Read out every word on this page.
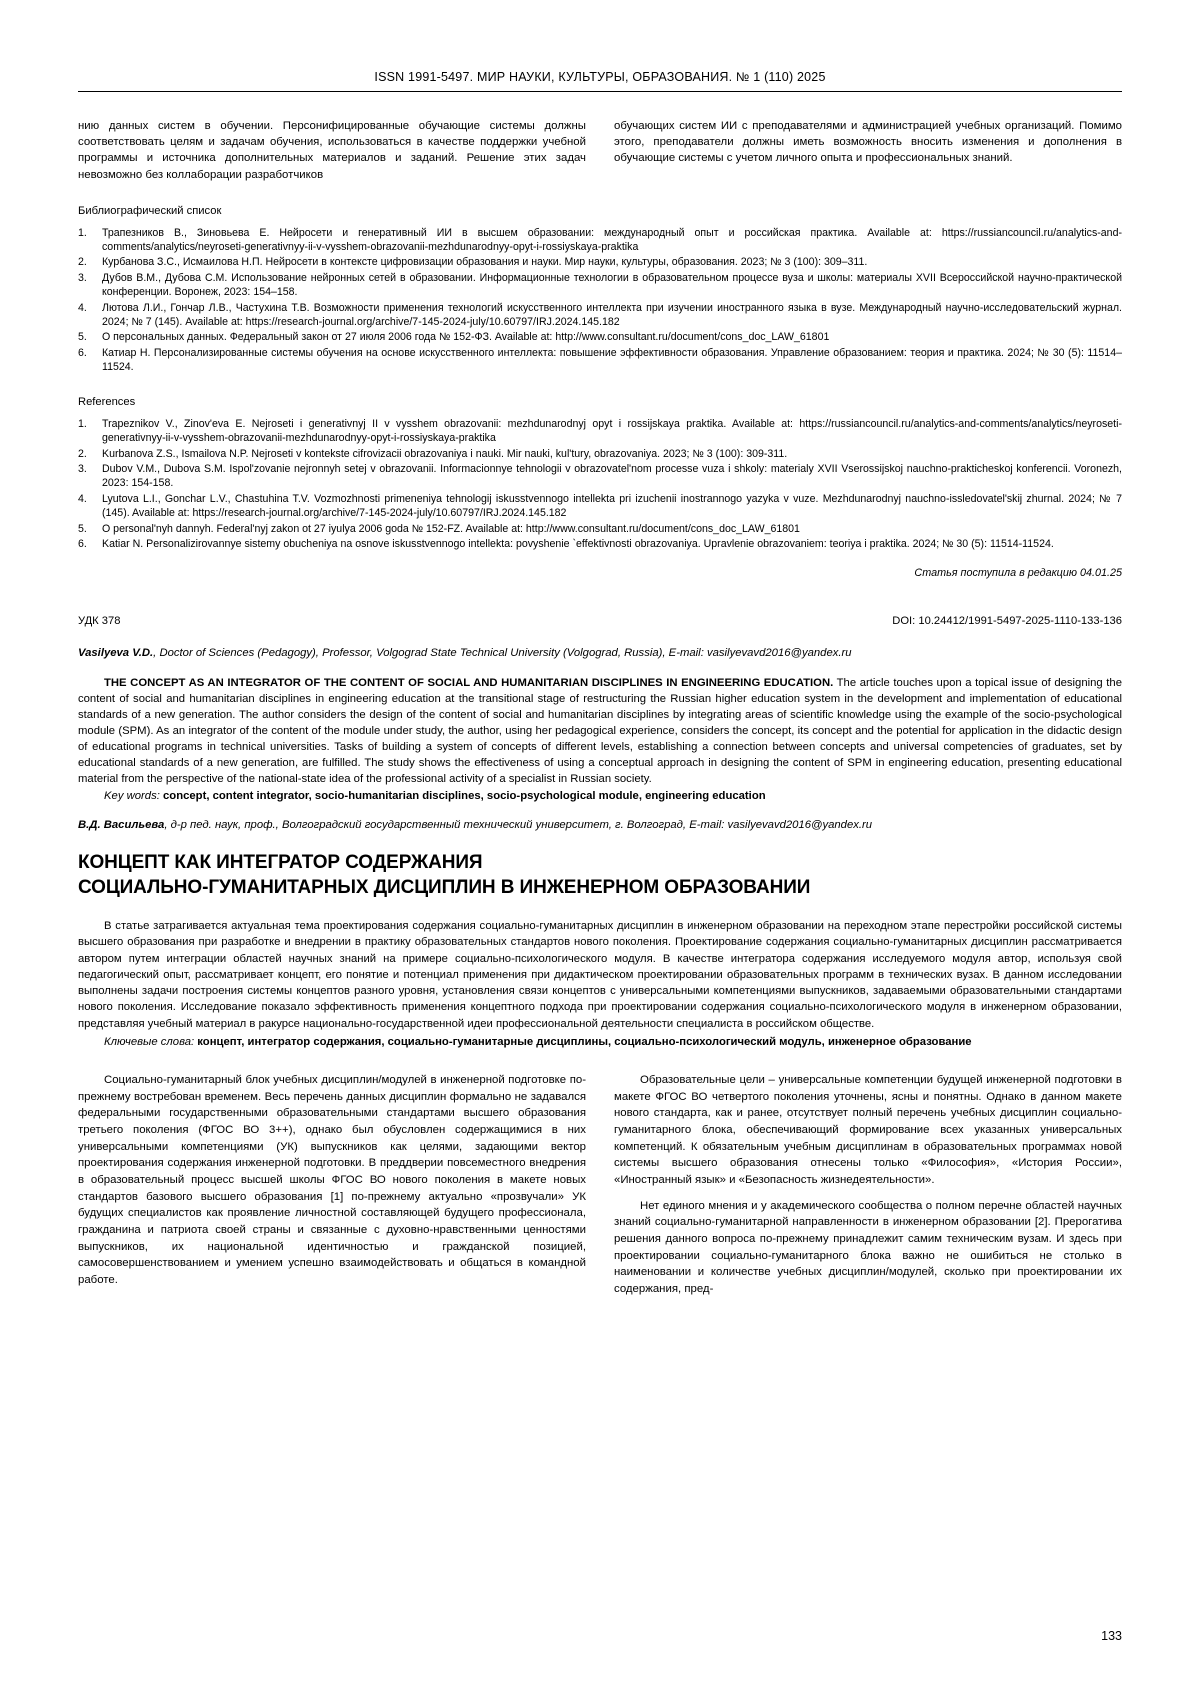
ISSN 1991-5497. МИР НАУКИ, КУЛЬТУРЫ, ОБРАЗОВАНИЯ. № 1 (110) 2025

нию данных систем в обучении. Персонифицированные обучающие системы должны соответствовать целям и задачам обучения, использоваться в качестве поддержки учебной программы и источника дополнительных материалов и заданий. Решение этих задач невозможно без коллаборации разработчиков

обучающих систем ИИ с преподавателями и администрацией учебных организаций. Помимо этого, преподаватели должны иметь возможность вносить изменения и дополнения в обучающие системы с учетом личного опыта и профессиональных знаний.

Библиографический список
1.	Трапезников В., Зиновьева Е. Нейросети и генеративный ИИ в высшем образовании: международный опыт и российская практика. Available at: https://russiancouncil.ru/analytics-and-comments/analytics/neyroseti-generativnyy-ii-v-vysshem-obrazovanii-mezhdunarodnyy-opyt-i-rossiyskaya-praktika
2.	Курбанова З.С., Исмаилова Н.П. Нейросети в контексте цифровизации образования и науки. Мир науки, культуры, образования. 2023; № 3 (100): 309–311.
3.	Дубов В.М., Дубова С.М. Использование нейронных сетей в образовании. Информационные технологии в образовательном процессе вуза и школы: материалы XVII Всероссийской научно-практической конференции. Воронеж, 2023: 154–158.
4.	Лютова Л.И., Гончар Л.В., Частухина Т.В. Возможности применения технологий искусственного интеллекта при изучении иностранного языка в вузе. Международный научно-исследовательский журнал. 2024; № 7 (145). Available at: https://research-journal.org/archive/7-145-2024-july/10.60797/IRJ.2024.145.182
5.	О персональных данных. Федеральный закон от 27 июля 2006 года № 152-ФЗ. Available at: http://www.consultant.ru/document/cons_doc_LAW_61801
6.	Катиар Н. Персонализированные системы обучения на основе искусственного интеллекта: повышение эффективности образования. Управление образованием: теория и практика. 2024; № 30 (5): 11514–11524.
References
1.	Trapeznikov V., Zinov'eva E. Nejroseti i generativnyj II v vysshem obrazovanii: mezhdunarodnyj opyt i rossijskaya praktika. Available at: https://russiancouncil.ru/analytics-and-comments/analytics/neyroseti-generativnyy-ii-v-vysshem-obrazovanii-mezhdunarodnyy-opyt-i-rossiyskaya-praktika
2.	Kurbanova Z.S., Ismailova N.P. Nejroseti v kontekste cifrovizacii obrazovaniya i nauki. Mir nauki, kul'tury, obrazovaniya. 2023; № 3 (100): 309-311.
3.	Dubov V.M., Dubova S.M. Ispol'zovanie nejronnyh setej v obrazovanii. Informacionnye tehnologii v obrazovatel'nom processe vuza i shkoly: materialy XVII Vserossijskoj nauchno-prakticheskoj konferencii. Voronezh, 2023: 154-158.
4.	Lyutova L.I., Gonchar L.V., Chastuhina T.V. Vozmozhnosti primeneniya tehnologij iskusstvennogo intellekta pri izuchenii inostrannogo yazyka v vuze. Mezhdunarodnyj nauchno-issledovatel'skij zhurnal. 2024; № 7 (145). Available at: https://research-journal.org/archive/7-145-2024-july/10.60797/IRJ.2024.145.182
5.	O personal'nyh dannyh. Federal'nyj zakon ot 27 iyulya 2006 goda № 152-FZ. Available at: http://www.consultant.ru/document/cons_doc_LAW_61801
6.	Katiar N. Personalizirovannye sistemy obucheniya na osnove iskusstvennogo intellekta: povyshenie `effektivnosti obrazovaniya. Upravlenie obrazovaniem: teoriya i praktika. 2024; № 30 (5): 11514-11524.
Статья поступила в редакцию 04.01.25
УДК 378	DOI: 10.24412/1991-5497-2025-1110-133-136
Vasilyeva V.D., Doctor of Sciences (Pedagogy), Professor, Volgograd State Technical University (Volgograd, Russia), E-mail: vasilyevavd2016@yandex.ru

THE CONCEPT AS AN INTEGRATOR OF THE CONTENT OF SOCIAL AND HUMANITARIAN DISCIPLINES IN ENGINEERING EDUCATION. The article touches upon a topical issue of designing the content of social and humanitarian disciplines in engineering education at the transitional stage of restructuring the Russian higher education system in the development and implementation of educational standards of a new generation. The author considers the design of the content of social and humanitarian disciplines by integrating areas of scientific knowledge using the example of the socio-psychological module (SPM). As an integrator of the content of the module under study, the author, using her pedagogical experience, considers the concept, its concept and the potential for application in the didactic design of educational programs in technical universities. Tasks of building a system of concepts of different levels, establishing a connection between concepts and universal competencies of graduates, set by educational standards of a new generation, are fulfilled. The study shows the effectiveness of using a conceptual approach in designing the content of SPM in engineering education, presenting educational material from the perspective of the national-state idea of the professional activity of a specialist in Russian society.

Key words: concept, content integrator, socio-humanitarian disciplines, socio-psychological module, engineering education

В.Д. Васильева, д-р пед. наук, проф., Волгоградский государственный технический университет, г. Волгоград, E-mail: vasilyevavd2016@yandex.ru
КОНЦЕПТ КАК ИНТЕГРАТОР СОДЕРЖАНИЯ
СОЦИАЛЬНО-ГУМАНИТАРНЫХ ДИСЦИПЛИН В ИНЖЕНЕРНОМ ОБРАЗОВАНИИ

В статье затрагивается актуальная тема проектирования содержания социально-гуманитарных дисциплин в инженерном образовании на переходном этапе перестройки российской системы высшего образования при разработке и внедрении в практику образовательных стандартов нового поколения. Проектирование содержания социально-гуманитарных дисциплин рассматривается автором путем интеграции областей научных знаний на примере социально-психологического модуля. В качестве интегратора содержания исследуемого модуля автор, используя свой педагогический опыт, рассматривает концепт, его понятие и потенциал применения при дидактическом проектировании образовательных программ в технических вузах. В данном исследовании выполнены задачи построения системы концептов разного уровня, установления связи концептов с универсальными компетенциями выпускников, задаваемыми образовательными стандартами нового поколения. Исследование показало эффективность применения концептного подхода при проектировании содержания социально-психологического модуля в инженерном образовании, представляя учебный материал в ракурсе национально-государственной идеи профессиональной деятельности специалиста в российском обществе.

Ключевые слова: концепт, интегратор содержания, социально-гуманитарные дисциплины, социально-психологический модуль, инженерное образование

Социально-гуманитарный блок учебных дисциплин/модулей в инженерной подготовке по-прежнему востребован временем. Весь перечень данных дисциплин формально не задавался федеральными государственными образовательными стандартами высшего образования третьего поколения (ФГОС ВО 3++), однако был обусловлен содержащимися в них универсальными компетенциями (УК) выпускников как целями, задающими вектор проектирования содержания инженерной подготовки. В преддверии повсеместного внедрения в образовательный процесс высшей школы ФГОС ВО нового поколения в макете новых стандартов базового высшего образования [1] по-прежнему актуально «прозвучали» УК будущих специалистов как проявление личностной составляющей будущего профессионала, гражданина и патриота своей страны и связанные с духовно-нравственными ценностями выпускников, их национальной идентичностью и гражданской позицией, самосовершенствованием и умением успешно взаимодействовать и общаться в командной работе.

Образовательные цели – универсальные компетенции будущей инженерной подготовки в макете ФГОС ВО четвертого поколения уточнены, ясны и понятны. Однако в данном макете нового стандарта, как и ранее, отсутствует полный перечень учебных дисциплин социально-гуманитарного блока, обеспечивающий формирование всех указанных универсальных компетенций. К обязательным учебным дисциплинам в образовательных программах новой системы высшего образования отнесены только «Философия», «История России», «Иностранный язык» и «Безопасность жизнедеятельности».

Нет единого мнения и у академического сообщества о полном перечне областей научных знаний социально-гуманитарной направленности в инженерном образовании [2]. Прерогатива решения данного вопроса по-прежнему принадлежит самим техническим вузам. И здесь при проектировании социально-гуманитарного блока важно не ошибиться не столько в наименовании и количестве учебных дисциплин/модулей, сколько при проектировании их содержания, пред-

133
